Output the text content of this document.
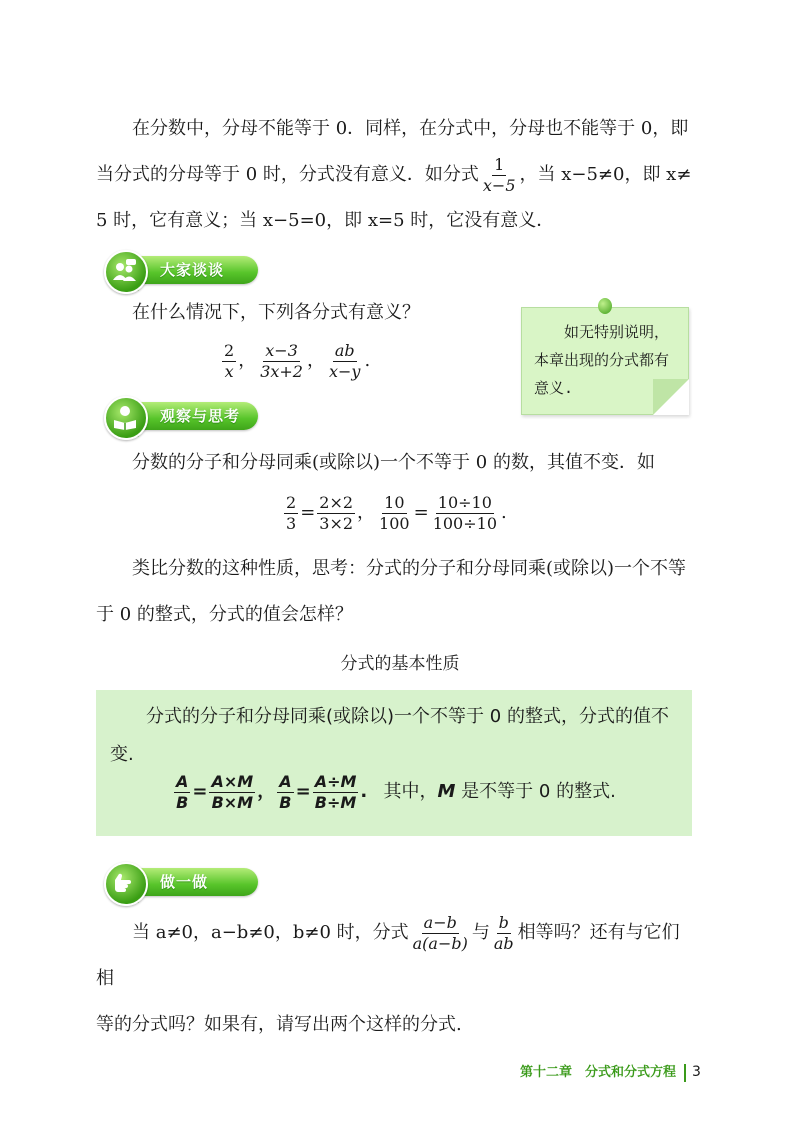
在分数中，分母不能等于 0．同样，在分式中，分母也不能等于 0，即
当分式的分母等于 0 时，分式没有意义．如分式 $\frac{1}{x-5}$ ，当 x−5≠0，即 x≠
5 时，它有意义；当 x−5=0，即 x=5 时，它没有意义．
大家谈谈
在什么情况下，下列各分式有意义？
$\frac{2}{x}$ ， $\frac{x-3}{3x+2}$ ， $\frac{ab}{x-y}$ .
如无特别说明，本章出现的分式都有意义.
观察与思考
分数的分子和分母同乘(或除以)一个不等于 0 的数，其值不变．如
$\frac{2}{3} = \frac{2\times 2}{3\times 2}$ ， $\frac{10}{100} = \frac{10\div 10}{100\div 10}$ .
类比分数的这种性质，思考：分式的分子和分母同乘(或除以)一个不等
于 0 的整式，分式的值会怎样？
分式的基本性质
分式的分子和分母同乘(或除以)一个不等于 0 的整式，分式的值不变.
$\frac{A}{B} = \frac{A\times M}{B\times M}$ ， $\frac{A}{B} = \frac{A\div M}{B\div M}$ . 其中，M 是不等于 0 的整式.
做一做
当 a≠0，a−b≠0，b≠0 时，分式 $\frac{a-b}{a(a-b)}$ 与 $\frac{b}{ab}$ 相等吗？还有与它们相
等的分式吗？如果有，请写出两个这样的分式.
第十二章　分式和分式方程 3
